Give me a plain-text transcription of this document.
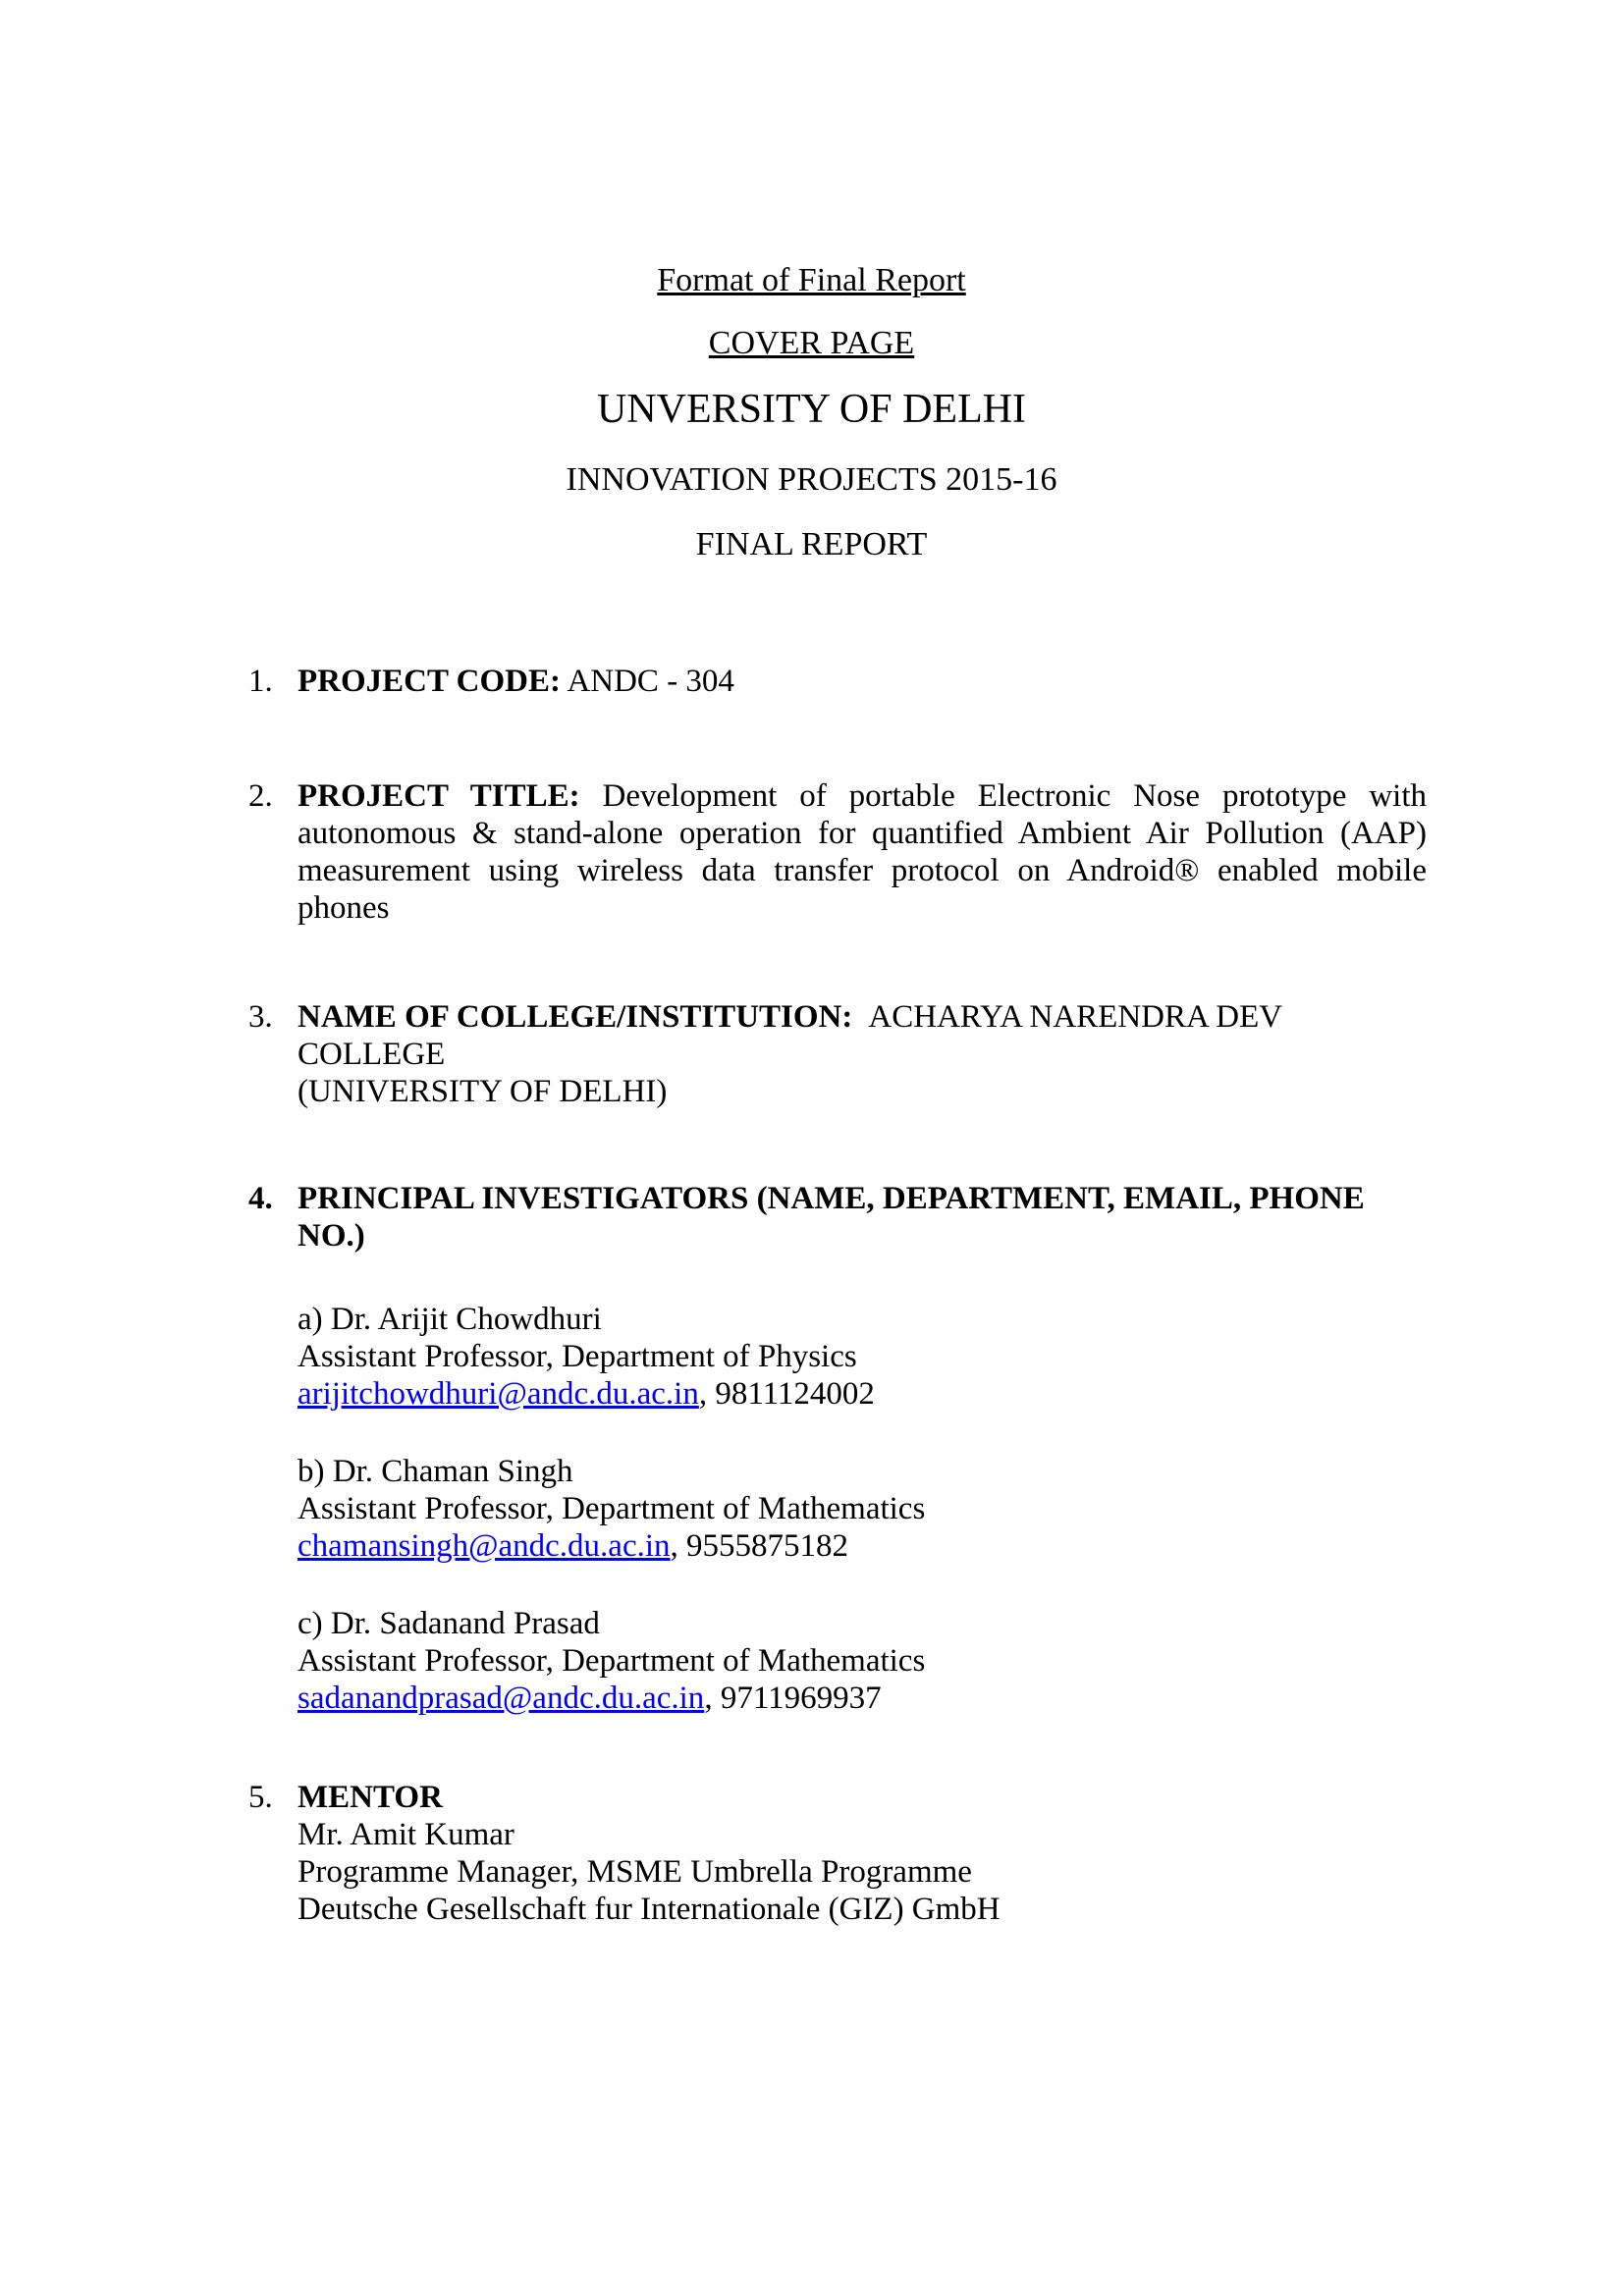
Format of Final Report

COVER PAGE

UNVERSITY OF DELHI

INNOVATION PROJECTS 2015-16

FINAL REPORT

1. PROJECT CODE: ANDC - 304
2. PROJECT TITLE: Development of portable Electronic Nose prototype with autonomous & stand-alone operation for quantified Ambient Air Pollution (AAP) measurement using wireless data transfer protocol on Android® enabled mobile phones
3. NAME OF COLLEGE/INSTITUTION: ACHARYA NARENDRA DEV COLLEGE
(UNIVERSITY OF DELHI)
4. PRINCIPAL INVESTIGATORS (NAME, DEPARTMENT, EMAIL, PHONE NO.)
a) Dr. Arijit Chowdhuri
Assistant Professor, Department of Physics
arijitchowdhuri@andc.du.ac.in, 9811124002
b) Dr. Chaman Singh
Assistant Professor, Department of Mathematics
chamansingh@andc.du.ac.in, 9555875182
c) Dr. Sadanand Prasad
Assistant Professor, Department of Mathematics
sadanandprasad@andc.du.ac.in, 9711969937
5. MENTOR
Mr. Amit Kumar
Programme Manager, MSME Umbrella Programme
Deutsche Gesellschaft fur Internationale (GIZ) GmbH
